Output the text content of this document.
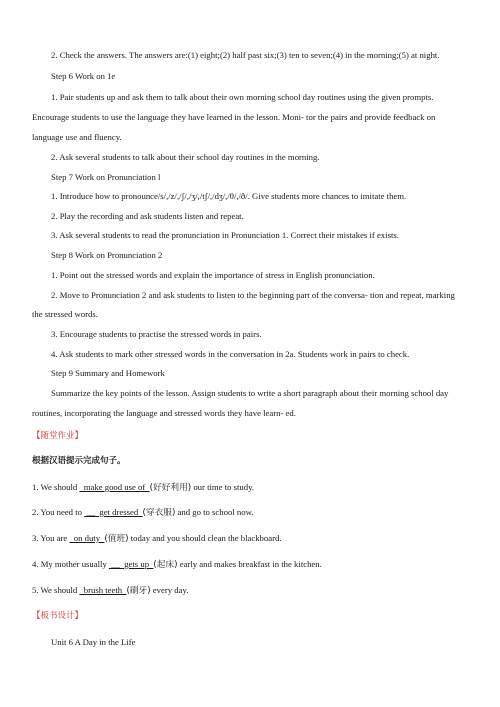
2. Check the answers. The answers are:(1) eight;(2) half past six;(3) ten to seven;(4) in the morning;(5) at night.
Step 6 Work on 1e
1. Pair students up and ask them to talk about their own morning school day routines using the given prompts.
Encourage students to use the language they have learned in the lesson. Moni- tor the pairs and provide feedback on
language use and fluency.
2. Ask several students to talk about their school day routines in the morning.
Step 7 Work on Pronunciation l
1. Introduce how to pronounce/s/,/z/,/ʃ/,/ʒ/,/tʃ/,/dʒ/,/θ/,/ð/. Give students more chances to imitate them.
2. Play the recording and ask students listen and repeat.
3. Ask several students to read the pronunciation in Pronunciation 1. Correct their mistakes if exists.
Step 8 Work on Pronunciation 2
1. Point out the stressed words and explain the importance of stress in English pronunciation.
2. Move to Pronunciation 2 and ask students to listen to the beginning part of the conversa- tion and repeat, marking
the stressed words.
3. Encourage students to practise the stressed words in pairs.
4. Ask students to mark other stressed words in the conversation in 2a. Students work in pairs to check.
Step 9 Summary and Homework
Summarize the key points of the lesson. Assign students to write a short paragraph about their morning school day
routines, incorporating the language and stressed words they have learn- ed.
【随堂作业】
根据汉语提示完成句子。
1. We should   make good use of  (好好利用) our time to study.
2. You need to  __  get dressed  (穿衣服) and go to school now.
3. You are   on duty  (值班) today and you should clean the blackboard.
4. My mother usually  __  gets up  (起床) early and makes breakfast in the kitchen.
5. We should   brush teeth  (刷牙) every day.
【板书设计】
Unit 6 A Day in the Life
